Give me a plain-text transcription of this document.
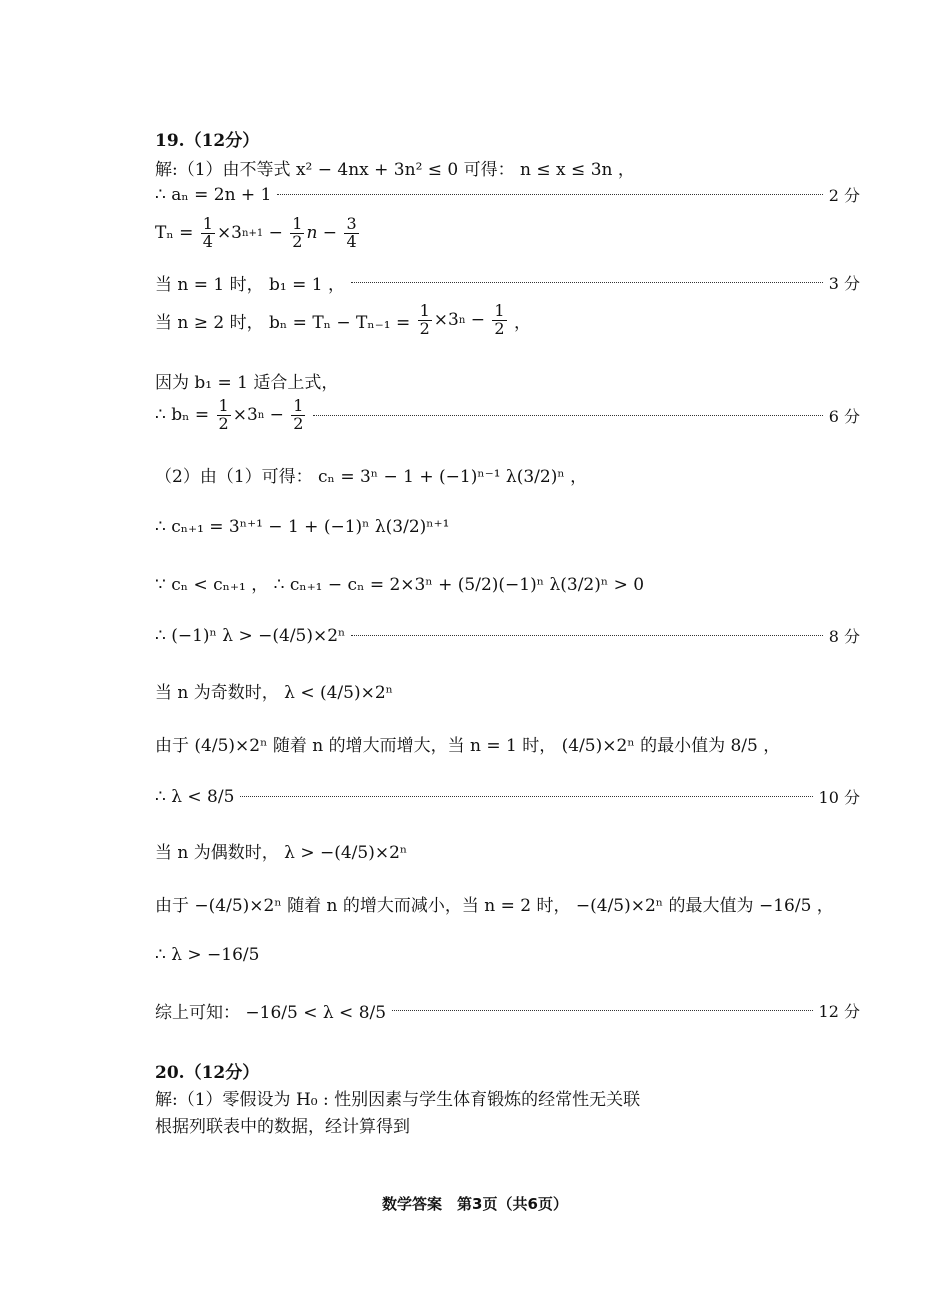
19.（12分）
解:（1）由不等式 x² − 4nx + 3n² ≤ 0 可得： n ≤ x ≤ 3n ，
∴ aₙ = 2n + 1	2 分
Tₙ =
$\frac{1}{4} \times 3$ $n+1 - \frac{1}{2}$ $n - \frac{3}{4}$
当 n = 1 时， b₁ = 1 ，	3 分
当 n ≥ 2 时， bₙ = Tₙ − Tₙ₋₁ =
$\frac{1}{2} \times 3$ $n - \frac{1}{2}$ ，
因为 b₁ = 1 适合上式，
∴ bₙ =
$\frac{1}{2} \times 3$ $n - \frac{1}{2}$	6 分
（2）由（1）可得： cₙ = 3ⁿ − 1 + (−1)ⁿ⁻¹ λ(3/2)ⁿ ，
∴ cₙ₊₁ = 3ⁿ⁺¹ − 1 + (−1)ⁿ λ(3/2)ⁿ⁺¹
∵ cₙ < cₙ₊₁ ， ∴ cₙ₊₁ − cₙ = 2×3ⁿ + (5/2)(−1)ⁿ λ(3/2)ⁿ > 0
∴ (−1)ⁿ λ > −(4/5)×2ⁿ	8 分
当 n 为奇数时， λ < (4/5)×2ⁿ
由于 (4/5)×2ⁿ 随着 n 的增大而增大，当 n = 1 时， (4/5)×2ⁿ 的最小值为 8/5 ，
∴ λ < 8/5	10 分
当 n 为偶数时， λ > −(4/5)×2ⁿ
由于 −(4/5)×2ⁿ 随着 n 的增大而减小，当 n = 2 时， −(4/5)×2ⁿ 的最大值为 −16/5 ，
∴ λ > −16/5
综上可知： −16/5 < λ < 8/5	12 分
20.（12分）
解:（1）零假设为 H₀ : 性别因素与学生体育锻炼的经常性无关联
根据列联表中的数据，经计算得到
数学答案　第3页（共6页）
